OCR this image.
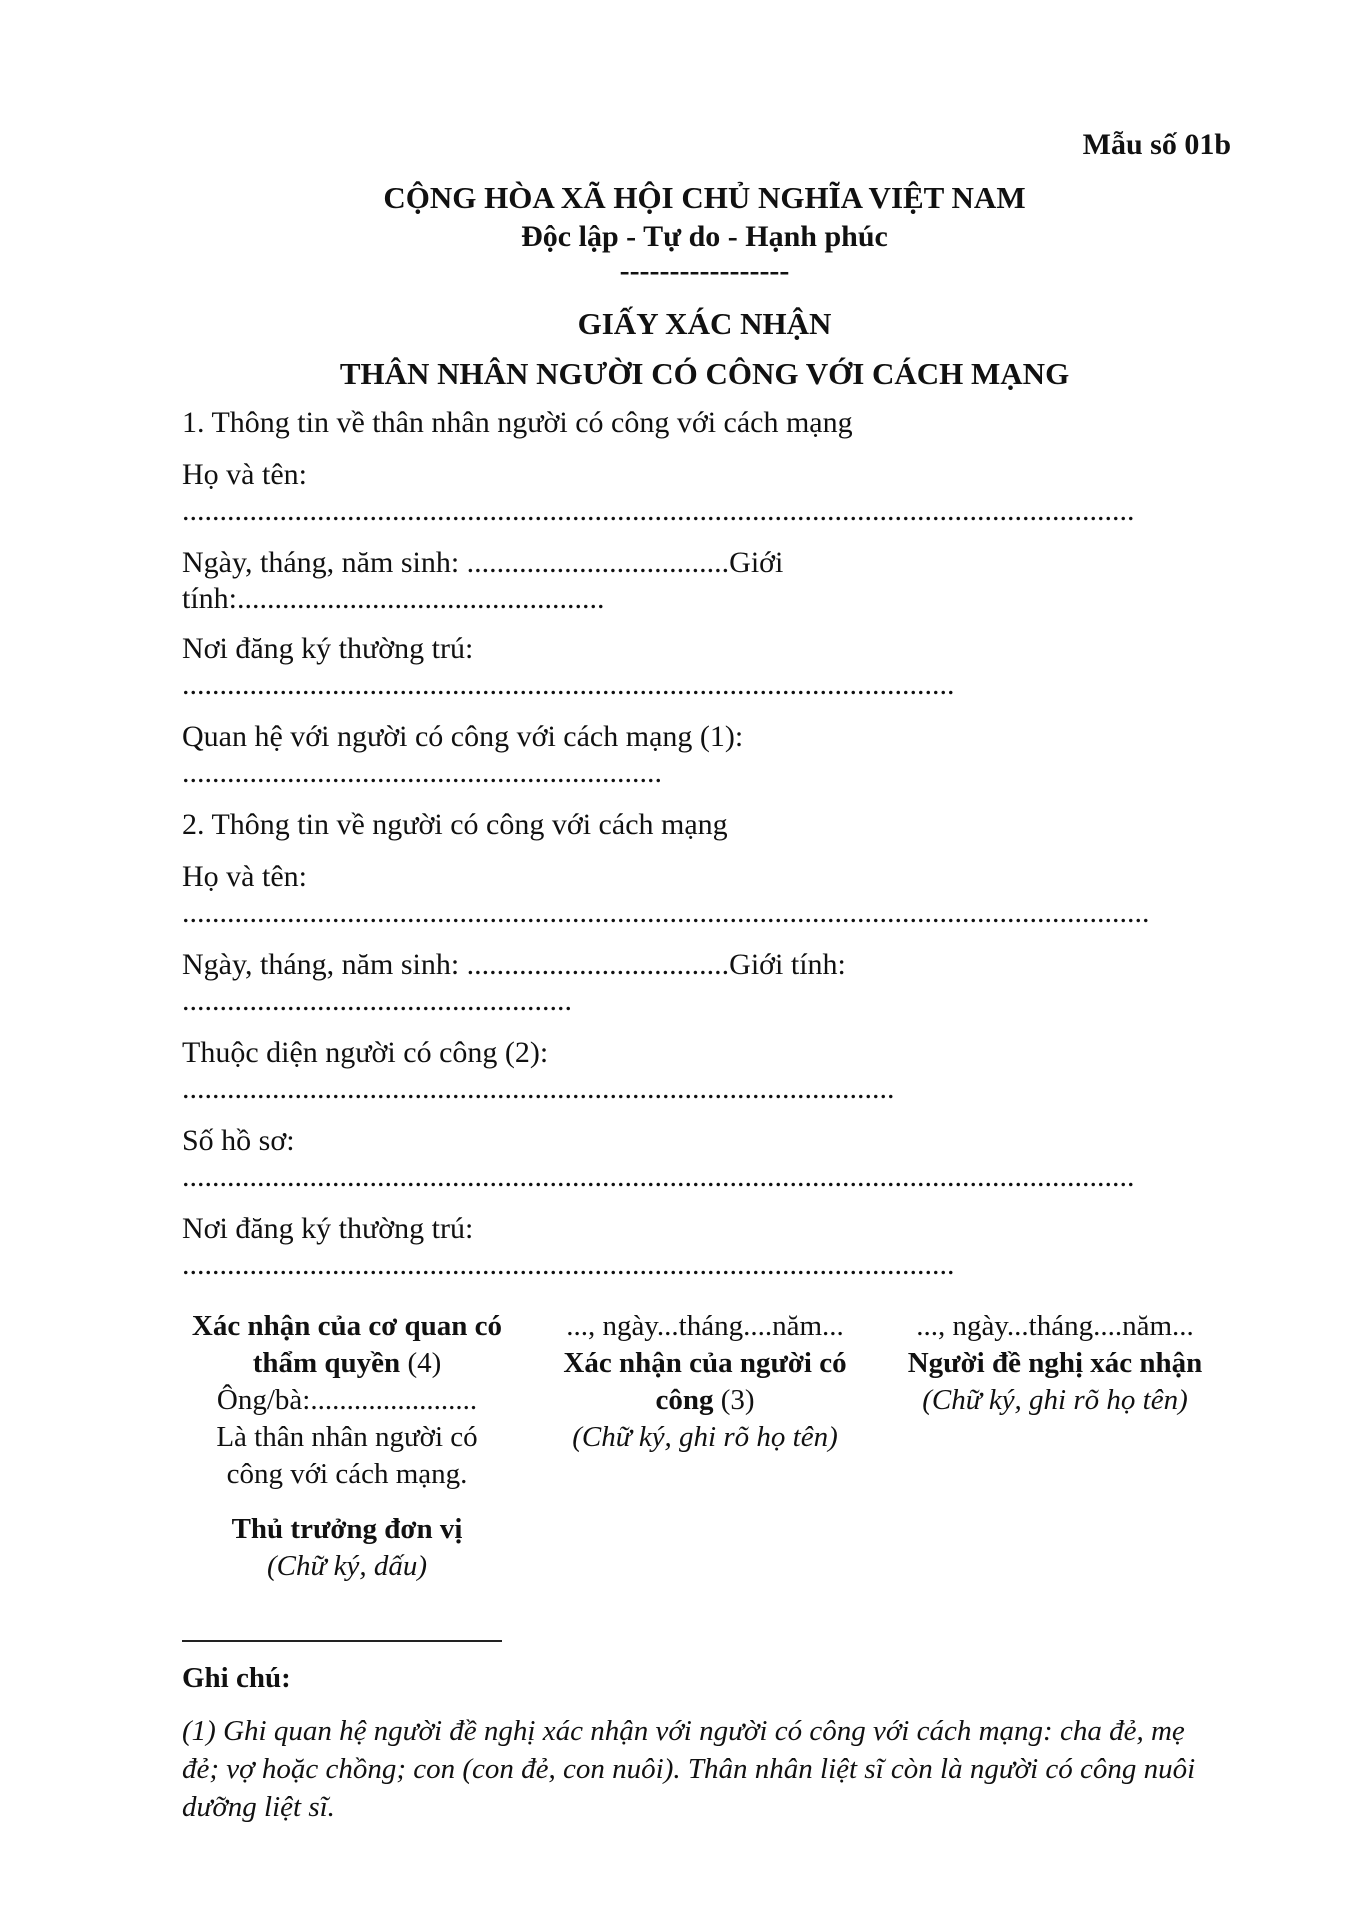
Mẫu số 01b
CỘNG HÒA XÃ HỘI CHỦ NGHĨA VIỆT NAM
Độc lập - Tự do - Hạnh phúc
-----------------
GIẤY XÁC NHẬN
THÂN NHÂN NGƯỜI CÓ CÔNG VỚI CÁCH MẠNG
1. Thông tin về thân nhân người có công với cách mạng
Họ và tên:
...............................................................................................................................
Ngày, tháng, năm sinh: ...................................Giới
tính:.................................................
Nơi đăng ký thường trú:
.......................................................................................................
Quan hệ với người có công với cách mạng (1):
................................................................
2. Thông tin về người có công với cách mạng
Họ và tên:
.................................................................................................................................
Ngày, tháng, năm sinh: ...................................Giới tính:
....................................................
Thuộc diện người có công (2):
...............................................................................................
Số hồ sơ:
...............................................................................................................................
Nơi đăng ký thường trú:
.......................................................................................................
Xác nhận của cơ quan có
thẩm quyền (4)
Ông/bà:.......................
Là thân nhân người có
công với cách mạng.
Thủ trưởng đơn vị
(Chữ ký, dấu)
..., ngày...tháng....năm...
Xác nhận của người có
công (3)
(Chữ ký, ghi rõ họ tên)
..., ngày...tháng....năm...
Người đề nghị xác nhận
(Chữ ký, ghi rõ họ tên)
Ghi chú:
(1) Ghi quan hệ người đề nghị xác nhận với người có công với cách mạng: cha đẻ, mẹ đẻ; vợ hoặc chồng; con (con đẻ, con nuôi). Thân nhân liệt sĩ còn là người có công nuôi dưỡng liệt sĩ.
